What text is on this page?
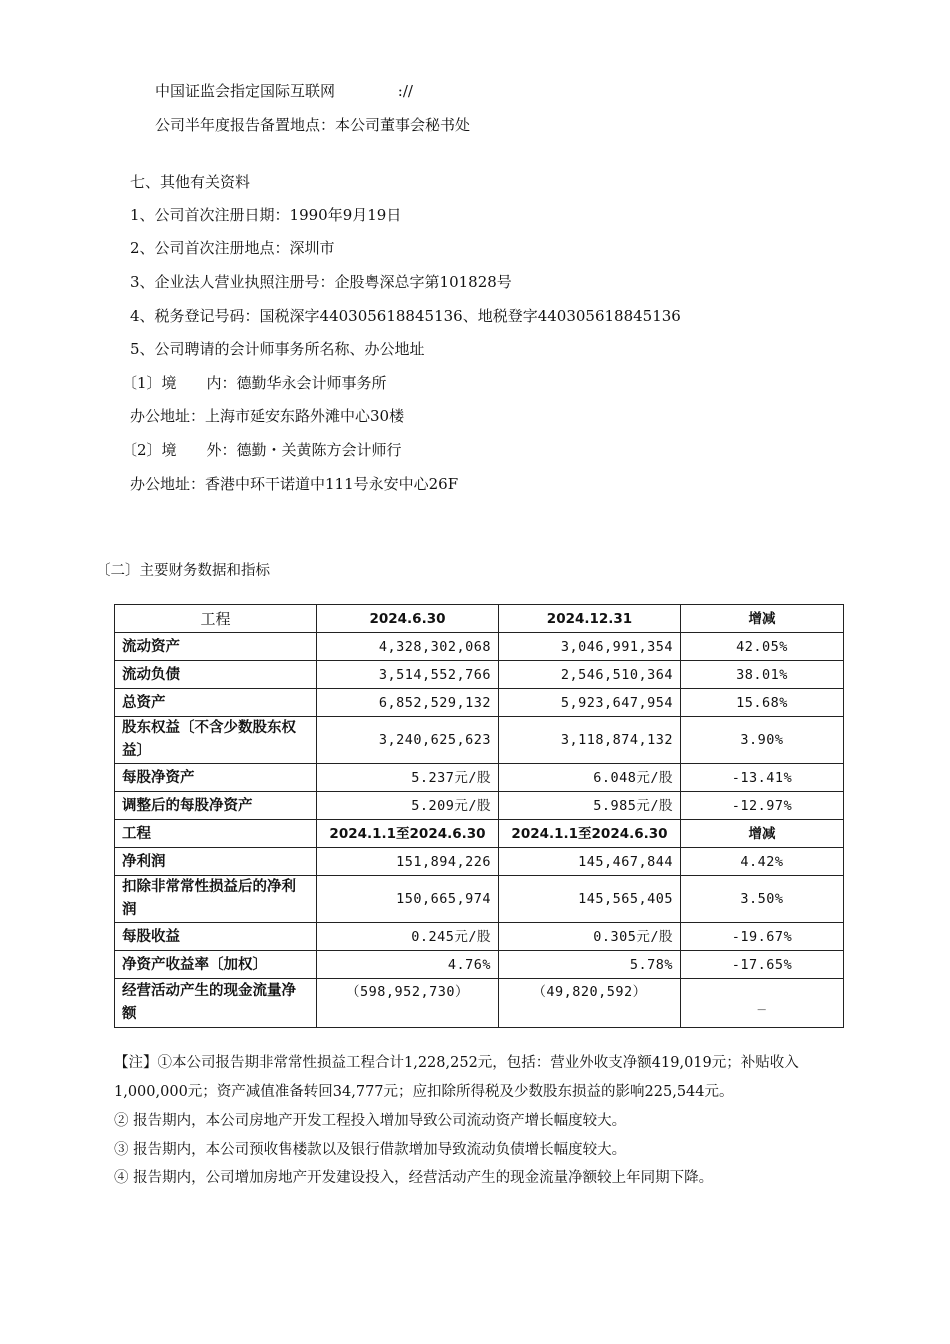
中国证监会指定国际互联网	://
公司半年度报告备置地点：本公司董事会秘书处
七、其他有关资料
1、公司首次注册日期：1990年9月19日
2、公司首次注册地点：深圳市
3、企业法人营业执照注册号：企股粤深总字第101828号
4、税务登记号码：国税深字440305618845136、地税登字440305618845136
5、公司聘请的会计师事务所名称、办公地址
〔1〕境　　内：德勤华永会计师事务所
办公地址：上海市延安东路外滩中心30楼
〔2〕境　　外：德勤・关黄陈方会计师行
办公地址：香港中环干诺道中111号永安中心26F
〔二〕主要财务数据和指标
工程	2024.6.30	2024.12.31	增减
流动资产	4,328,302,068	3,046,991,354	42.05%
流动负债	3,514,552,766	2,546,510,364	38.01%
总资产	6,852,529,132	5,923,647,954	15.68%
股东权益〔不含少数股东权益〕	3,240,625,623	3,118,874,132	3.90%
每股净资产	5.237元/股	6.048元/股	-13.41%
调整后的每股净资产	5.209元/股	5.985元/股	-12.97%
工程	2024.1.1至2024.6.30	2024.1.1至2024.6.30	增减
净利润	151,894,226	145,467,844	4.42%
扣除非常常性损益后的净利润	150,665,974	145,565,405	3.50%
每股收益	0.245元/股	0.305元/股	-19.67%
净资产收益率〔加权〕	4.76%	5.78%	-17.65%
经营活动产生的现金流量净额	（598,952,730）	（49,820,592）	_
【注】①本公司报告期非常常性损益工程合计1,228,252元，包括：营业外收支净额419,019元；补贴收入1,000,000元；资产减值准备转回34,777元；应扣除所得税及少数股东损益的影响225,544元。
② 报告期内，本公司房地产开发工程投入增加导致公司流动资产增长幅度较大。
③ 报告期内，本公司预收售楼款以及银行借款增加导致流动负债增长幅度较大。
④ 报告期内，公司增加房地产开发建设投入，经营活动产生的现金流量净额较上年同期下降。
